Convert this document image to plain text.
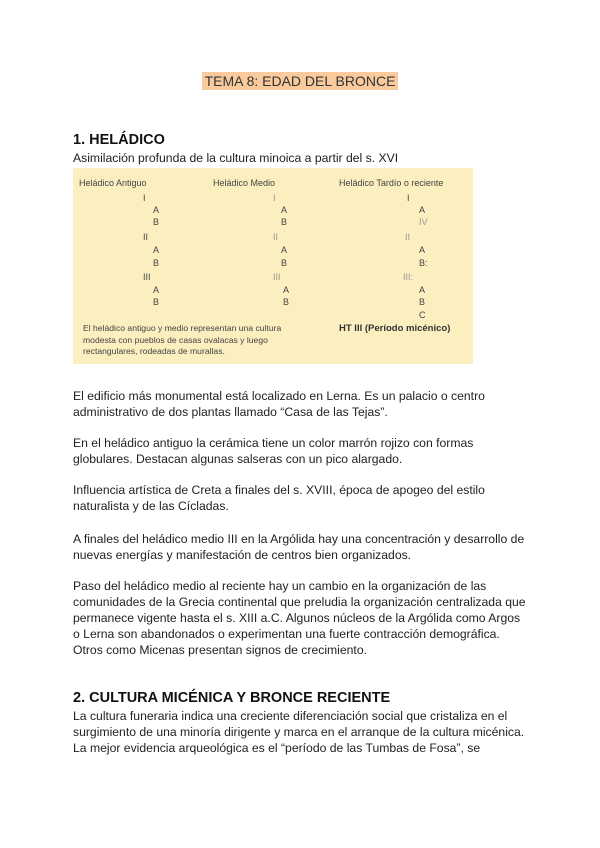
TEMA 8: EDAD DEL BRONCE
1. HELÁDICO
Asimilación profunda de la cultura minoica a partir del s. XVI
Heládico Antiguo
I
A
B
II
A
B
III
A
B
Heládico Medio
I
A
B
II
A
B
III
A
B
Heládico Tardío o reciente
I
A
IV
II
A
B:
III:
A
B
C
El heládico antiguo y medio representan una cultura modesta con pueblos de casas ovalacas y luego rectangulares, rodeadas de murallas.
HT III (Período micénico)
El edificio más monumental está localizado en Lerna. Es un palacio o centro administrativo de dos plantas llamado “Casa de las Tejas”.
En el heládico antiguo la cerámica tiene un color marrón rojizo con formas globulares. Destacan algunas salseras con un pico alargado.
Influencia artística de Creta a finales del s. XVIII, época de apogeo del estilo naturalista y de las Cícladas.
A finales del heládico medio III en la Argólida hay una concentración y desarrollo de nuevas energías y manifestación de centros bien organizados.
Paso del heládico medio al reciente hay un cambio en la organización de las comunidades de la Grecia continental que preludia la organización centralizada que permanece vigente hasta el s. XIII a.C. Algunos núcleos de la Argólida como Argos o Lerna son abandonados o experimentan una fuerte contracción demográfica. Otros como Micenas presentan signos de crecimiento.
2. CULTURA MICÉNICA Y BRONCE RECIENTE
La cultura funeraria indica una creciente diferenciación social que cristaliza en el surgimiento de una minoría dirigente y marca en el arranque de la cultura micénica. La mejor evidencia arqueológica es el “período de las Tumbas de Fosa”, se
